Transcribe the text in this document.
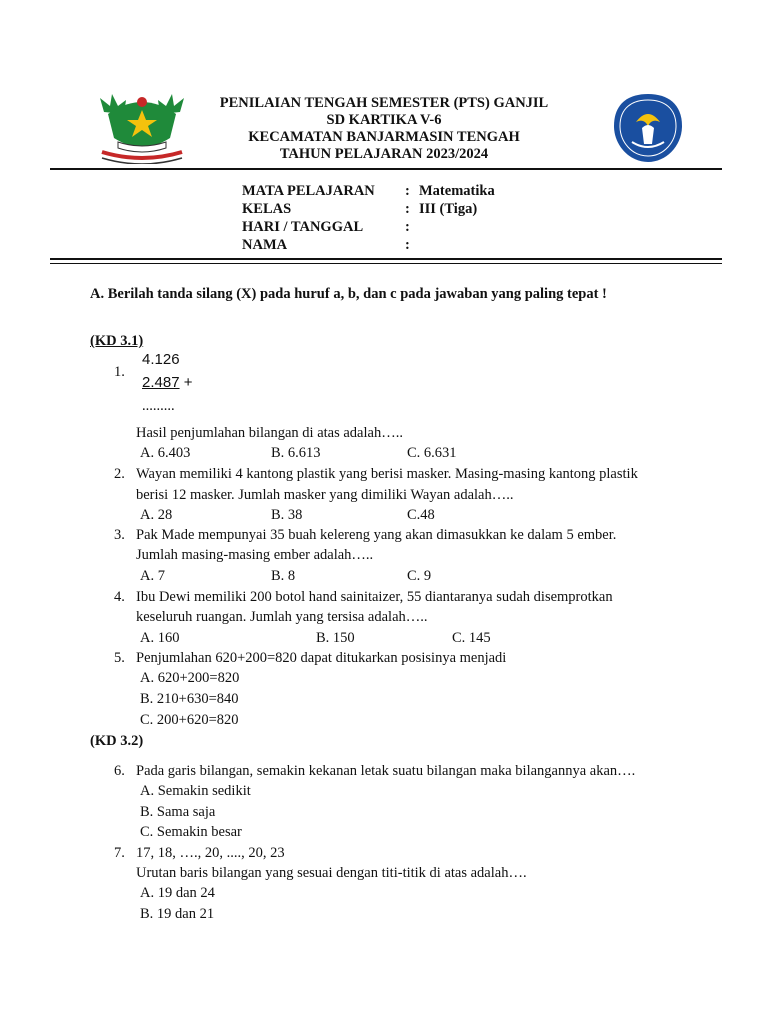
PENILAIAN TENGAH SEMESTER (PTS) GANJIL
SD KARTIKA V-6
KECAMATAN BANJARMASIN TENGAH
TAHUN PELAJARAN 2023/2024
MATA PELAJARAN : Matematika
KELAS	: III (Tiga)
HARI / TANGGAL	:
NAMA	:
A. Berilah tanda silang (X) pada huruf a, b, dan c pada jawaban yang paling tepat !
(KD 3.1)
1.
4.126
2.487 +
.........
Hasil penjumlahan bilangan di atas adalah…..
A. 6.403	B. 6.613	C. 6.631
2. Wayan memiliki 4 kantong plastik yang berisi masker. Masing-masing kantong plastik
berisi 12 masker. Jumlah masker yang dimiliki Wayan adalah…..
A. 28	B. 38	C.48
3. Pak Made mempunyai 35 buah kelereng yang akan dimasukkan ke dalam 5 ember.
Jumlah masing-masing ember adalah…..
A. 7	B. 8	C. 9
4. Ibu Dewi memiliki 200 botol hand sainitaizer, 55 diantaranya sudah disemprotkan
keseluruh ruangan. Jumlah yang tersisa adalah…..
A. 160	B. 150	C. 145
5. Penjumlahan 620+200=820 dapat ditukarkan posisinya menjadi
A. 620+200=820
B. 210+630=840
C. 200+620=820
(KD 3.2)
6. Pada garis bilangan, semakin kekanan letak suatu bilangan maka bilangannya akan….
A. Semakin sedikit
B. Sama saja
C. Semakin besar
7. 17, 18, …., 20, ...., 20, 23
Urutan baris bilangan yang sesuai dengan titi-titik di atas adalah….
A. 19 dan 24
B. 19 dan 21
